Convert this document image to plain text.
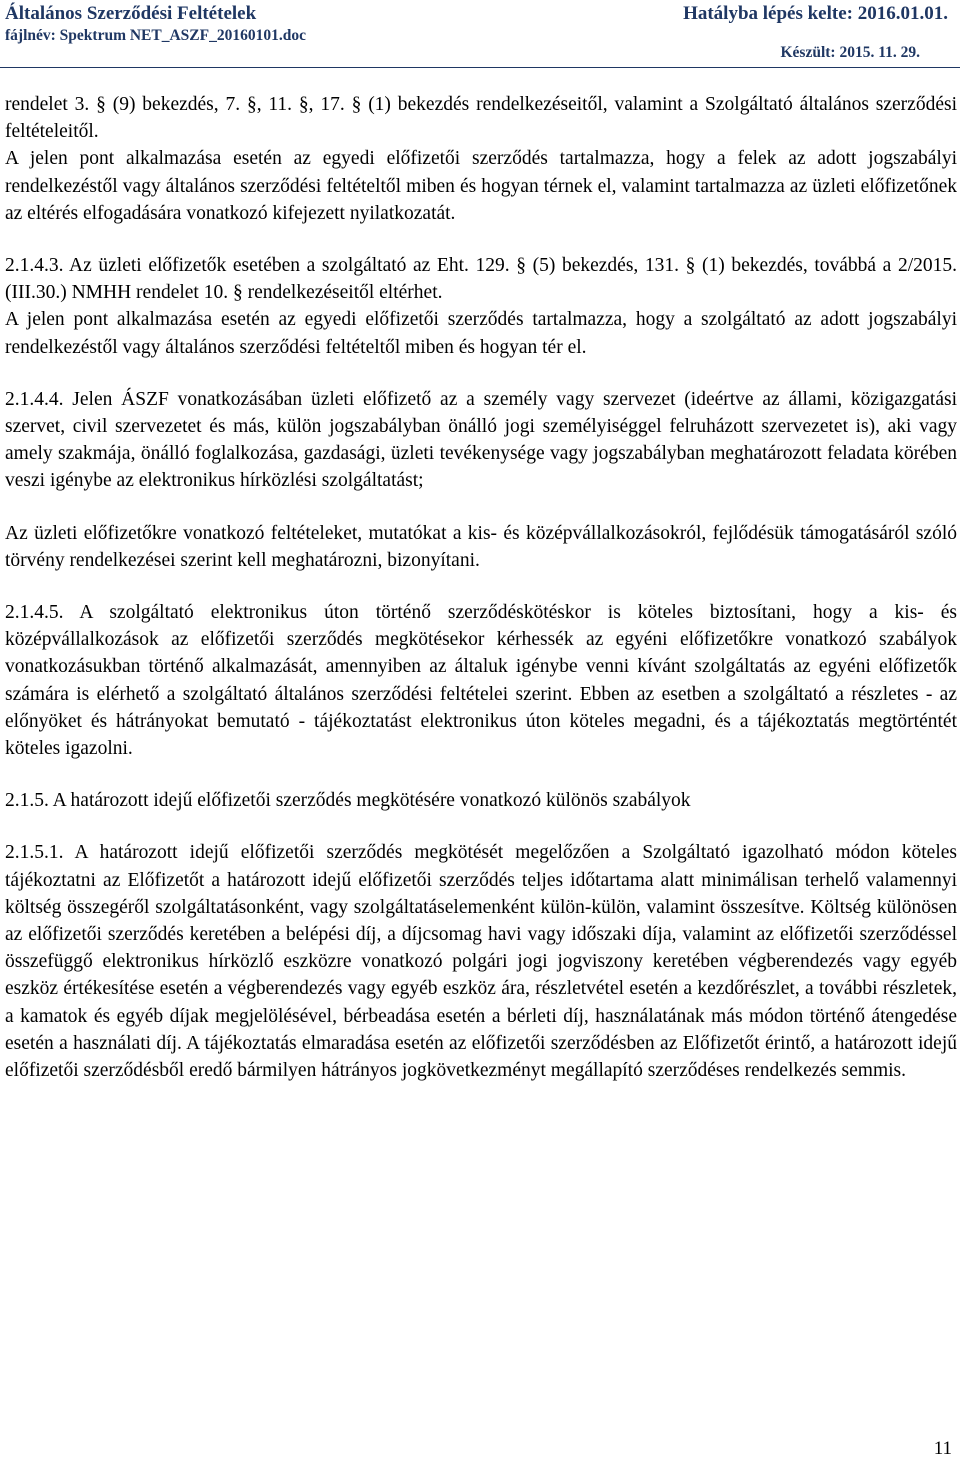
Általános Szerződési Feltételek
fájlnév: Spektrum NET_ASZF_20160101.doc
Hatályba lépés kelte: 2016.01.01.
Készült: 2015. 11. 29.

rendelet 3. § (9) bekezdés, 7. §, 11. §, 17. § (1) bekezdés rendelkezéseitől, valamint a Szolgáltató általános szerződési feltételeitől.

A jelen pont alkalmazása esetén az egyedi előfizetői szerződés tartalmazza, hogy a felek az adott jogszabályi rendelkezéstől vagy általános szerződési feltételtől miben és hogyan térnek el, valamint tartalmazza az üzleti előfizetőnek az eltérés elfogadására vonatkozó kifejezett nyilatkozatát.

2.1.4.3. Az üzleti előfizetők esetében a szolgáltató az Eht. 129. § (5) bekezdés, 131. § (1) bekezdés, továbbá a 2/2015. (III.30.) NMHH rendelet 10. § rendelkezéseitől eltérhet.

A jelen pont alkalmazása esetén az egyedi előfizetői szerződés tartalmazza, hogy a szolgáltató az adott jogszabályi rendelkezéstől vagy általános szerződési feltételtől miben és hogyan tér el.

2.1.4.4. Jelen ÁSZF vonatkozásában üzleti előfizető az a személy vagy szervezet (ideértve az állami, közigazgatási szervet, civil szervezetet és más, külön jogszabályban önálló jogi személyiséggel felruházott szervezetet is), aki vagy amely szakmája, önálló foglalkozása, gazdasági, üzleti tevékenysége vagy jogszabályban meghatározott feladata körében veszi igénybe az elektronikus hírközlési szolgáltatást;

Az üzleti előfizetőkre vonatkozó feltételeket, mutatókat a kis- és középvállalkozásokról, fejlődésük támogatásáról szóló törvény rendelkezései szerint kell meghatározni, bizonyítani.

2.1.4.5. A szolgáltató elektronikus úton történő szerződéskötéskor is köteles biztosítani, hogy a kis- és középvállalkozások az előfizetői szerződés megkötésekor kérhessék az egyéni előfizetőkre vonatkozó szabályok vonatkozásukban történő alkalmazását, amennyiben az általuk igénybe venni kívánt szolgáltatás az egyéni előfizetők számára is elérhető a szolgáltató általános szerződési feltételei szerint. Ebben az esetben a szolgáltató a részletes - az előnyöket és hátrányokat bemutató - tájékoztatást elektronikus úton köteles megadni, és a tájékoztatás megtörténtét köteles igazolni.

2.1.5. A határozott idejű előfizetői szerződés megkötésére vonatkozó különös szabályok

2.1.5.1. A határozott idejű előfizetői szerződés megkötését megelőzően a Szolgáltató igazolható módon köteles tájékoztatni az Előfizetőt a határozott idejű előfizetői szerződés teljes időtartama alatt minimálisan terhelő valamennyi költség összegéről szolgáltatásonként, vagy szolgáltatáselemenként külön-külön, valamint összesítve. Költség különösen az előfizetői szerződés keretében a belépési díj, a díjcsomag havi vagy időszaki díja, valamint az előfizetői szerződéssel összefüggő elektronikus hírközlő eszközre vonatkozó polgári jogi jogviszony keretében végberendezés vagy egyéb eszköz értékesítése esetén a végberendezés vagy egyéb eszköz ára, részletvétel esetén a kezdőrészlet, a további részletek, a kamatok és egyéb díjak megjelölésével, bérbeadása esetén a bérleti díj, használatának más módon történő átengedése esetén a használati díj. A tájékoztatás elmaradása esetén az előfizetői szerződésben az Előfizetőt érintő, a határozott idejű előfizetői szerződésből eredő bármilyen hátrányos jogkövetkezményt megállapító szerződéses rendelkezés semmis.

11
